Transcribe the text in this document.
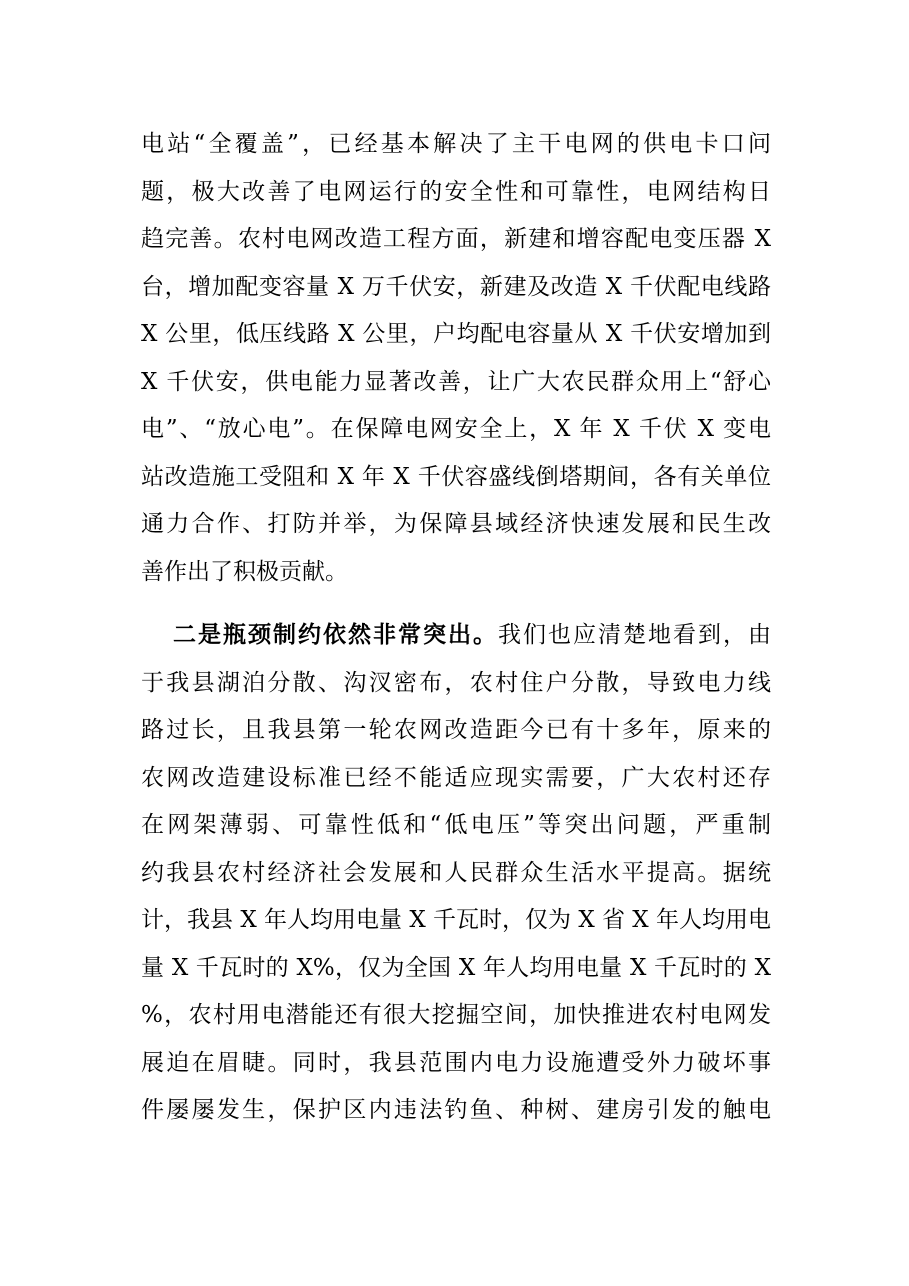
电站“全覆盖”，已经基本解决了主干电网的供电卡口问
题，极大改善了电网运行的安全性和可靠性，电网结构日
趋完善。农村电网改造工程方面，新建和增容配电变压器 X
台，增加配变容量 X 万千伏安，新建及改造 X 千伏配电线路
X 公里，低压线路 X 公里，户均配电容量从 X 千伏安增加到
X 千伏安，供电能力显著改善，让广大农民群众用上“舒心
电”、“放心电”。在保障电网安全上，X 年 X 千伏 X 变电
站改造施工受阻和 X 年 X 千伏容盛线倒塔期间，各有关单位
通力合作、打防并举，为保障县域经济快速发展和民生改
善作出了积极贡献。
二是瓶颈制约依然非常突出。我们也应清楚地看到，由
于我县湖泊分散、沟汊密布，农村住户分散，导致电力线
路过长，且我县第一轮农网改造距今已有十多年，原来的
农网改造建设标准已经不能适应现实需要，广大农村还存
在网架薄弱、可靠性低和“低电压”等突出问题，严重制
约我县农村经济社会发展和人民群众生活水平提高。据统
计，我县 X 年人均用电量 X 千瓦时，仅为 X 省 X 年人均用电
量 X 千瓦时的 X%，仅为全国 X 年人均用电量 X 千瓦时的 X
%，农村用电潜能还有很大挖掘空间，加快推进农村电网发
展迫在眉睫。同时，我县范围内电力设施遭受外力破坏事
件屡屡发生，保护区内违法钓鱼、种树、建房引发的触电
